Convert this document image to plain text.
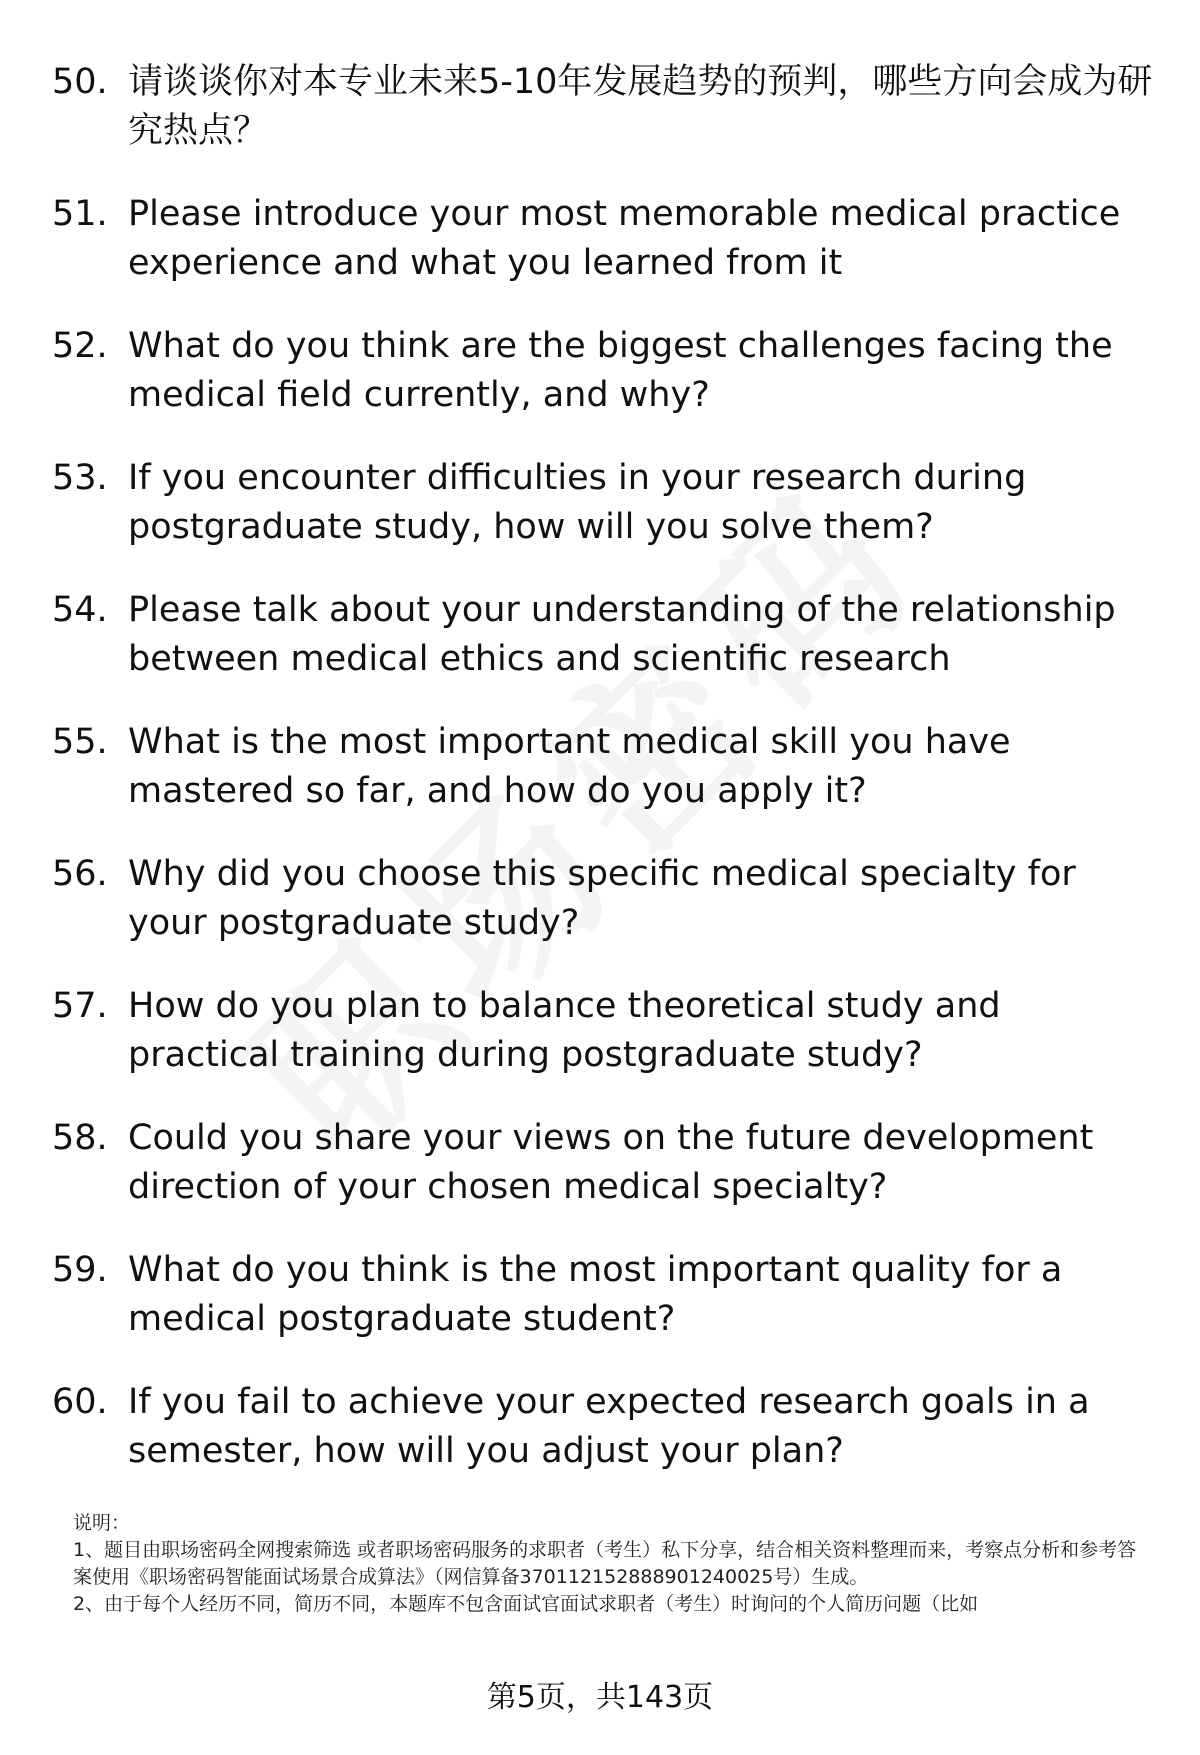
50. 请谈谈你对本专业未来5-10年发展趋势的预判，哪些方向会成为研究热点？
51. Please introduce your most memorable medical practice experience and what you learned from it
52. What do you think are the biggest challenges facing the medical field currently, and why?
53. If you encounter difficulties in your research during postgraduate study, how will you solve them?
54. Please talk about your understanding of the relationship between medical ethics and scientific research
55. What is the most important medical skill you have mastered so far, and how do you apply it?
56. Why did you choose this specific medical specialty for your postgraduate study?
57. How do you plan to balance theoretical study and practical training during postgraduate study?
58. Could you share your views on the future development direction of your chosen medical specialty?
59. What do you think is the most important quality for a medical postgraduate student?
60. If you fail to achieve your expected research goals in a semester, how will you adjust your plan?

说明：

1、题目由职场密码全网搜索筛选 或者职场密码服务的求职者（考生）私下分享，结合相关资料整理而来，考察点分析和参考答案使用《职场密码智能面试场景合成算法》（网信算备370112152888901240025号）生成。

2、由于每个人经历不同，简历不同，本题库不包含面试官面试求职者（考生）时询问的个人简历问题（比如

第5页，共143页
